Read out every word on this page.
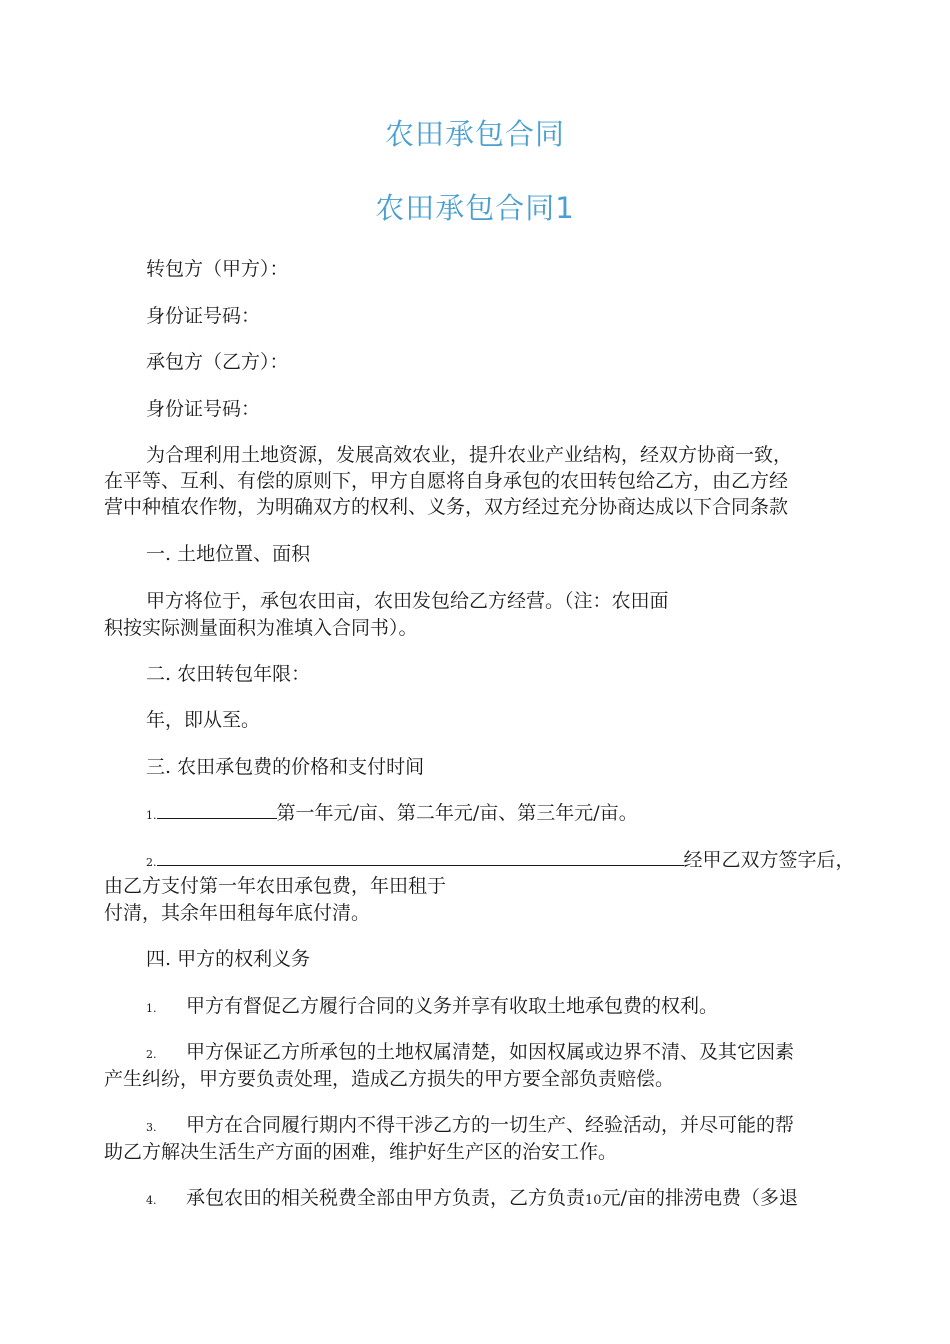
农田承包合同
农田承包合同1
转包方（甲方）：
身份证号码：
承包方（乙方）：
身份证号码：
为合理利用土地资源，发展高效农业，提升农业产业结构，经双方协商一致，
在平等、互利、有偿的原则下，甲方自愿将自身承包的农田转包给乙方，由乙方经
营中种植农作物，为明确双方的权利、义务，双方经过充分协商达成以下合同条款
一. 土地位置、面积
甲方将位于，承包农田亩，农田发包给乙方经营。（注：农田面
积按实际测量面积为准填入合同书）。
二. 农田转包年限：
年，即从至。
三. 农田承包费的价格和支付时间
1.	第一年元/亩、第二年元/亩、第三年元/亩。
2.	经甲乙双方签字后，
由乙方支付第一年农田承包费，年田租于
付清，其余年田租每年底付清。
四. 甲方的权利义务
1. 甲方有督促乙方履行合同的义务并享有收取土地承包费的权利。
2. 甲方保证乙方所承包的土地权属清楚，如因权属或边界不清、及其它因素
产生纠纷，甲方要负责处理，造成乙方损失的甲方要全部负责赔偿。
3. 甲方在合同履行期内不得干涉乙方的一切生产、经验活动，并尽可能的帮
助乙方解决生活生产方面的困难，维护好生产区的治安工作。
4. 承包农田的相关税费全部由甲方负责，乙方负责10元/亩的排涝电费（多退
